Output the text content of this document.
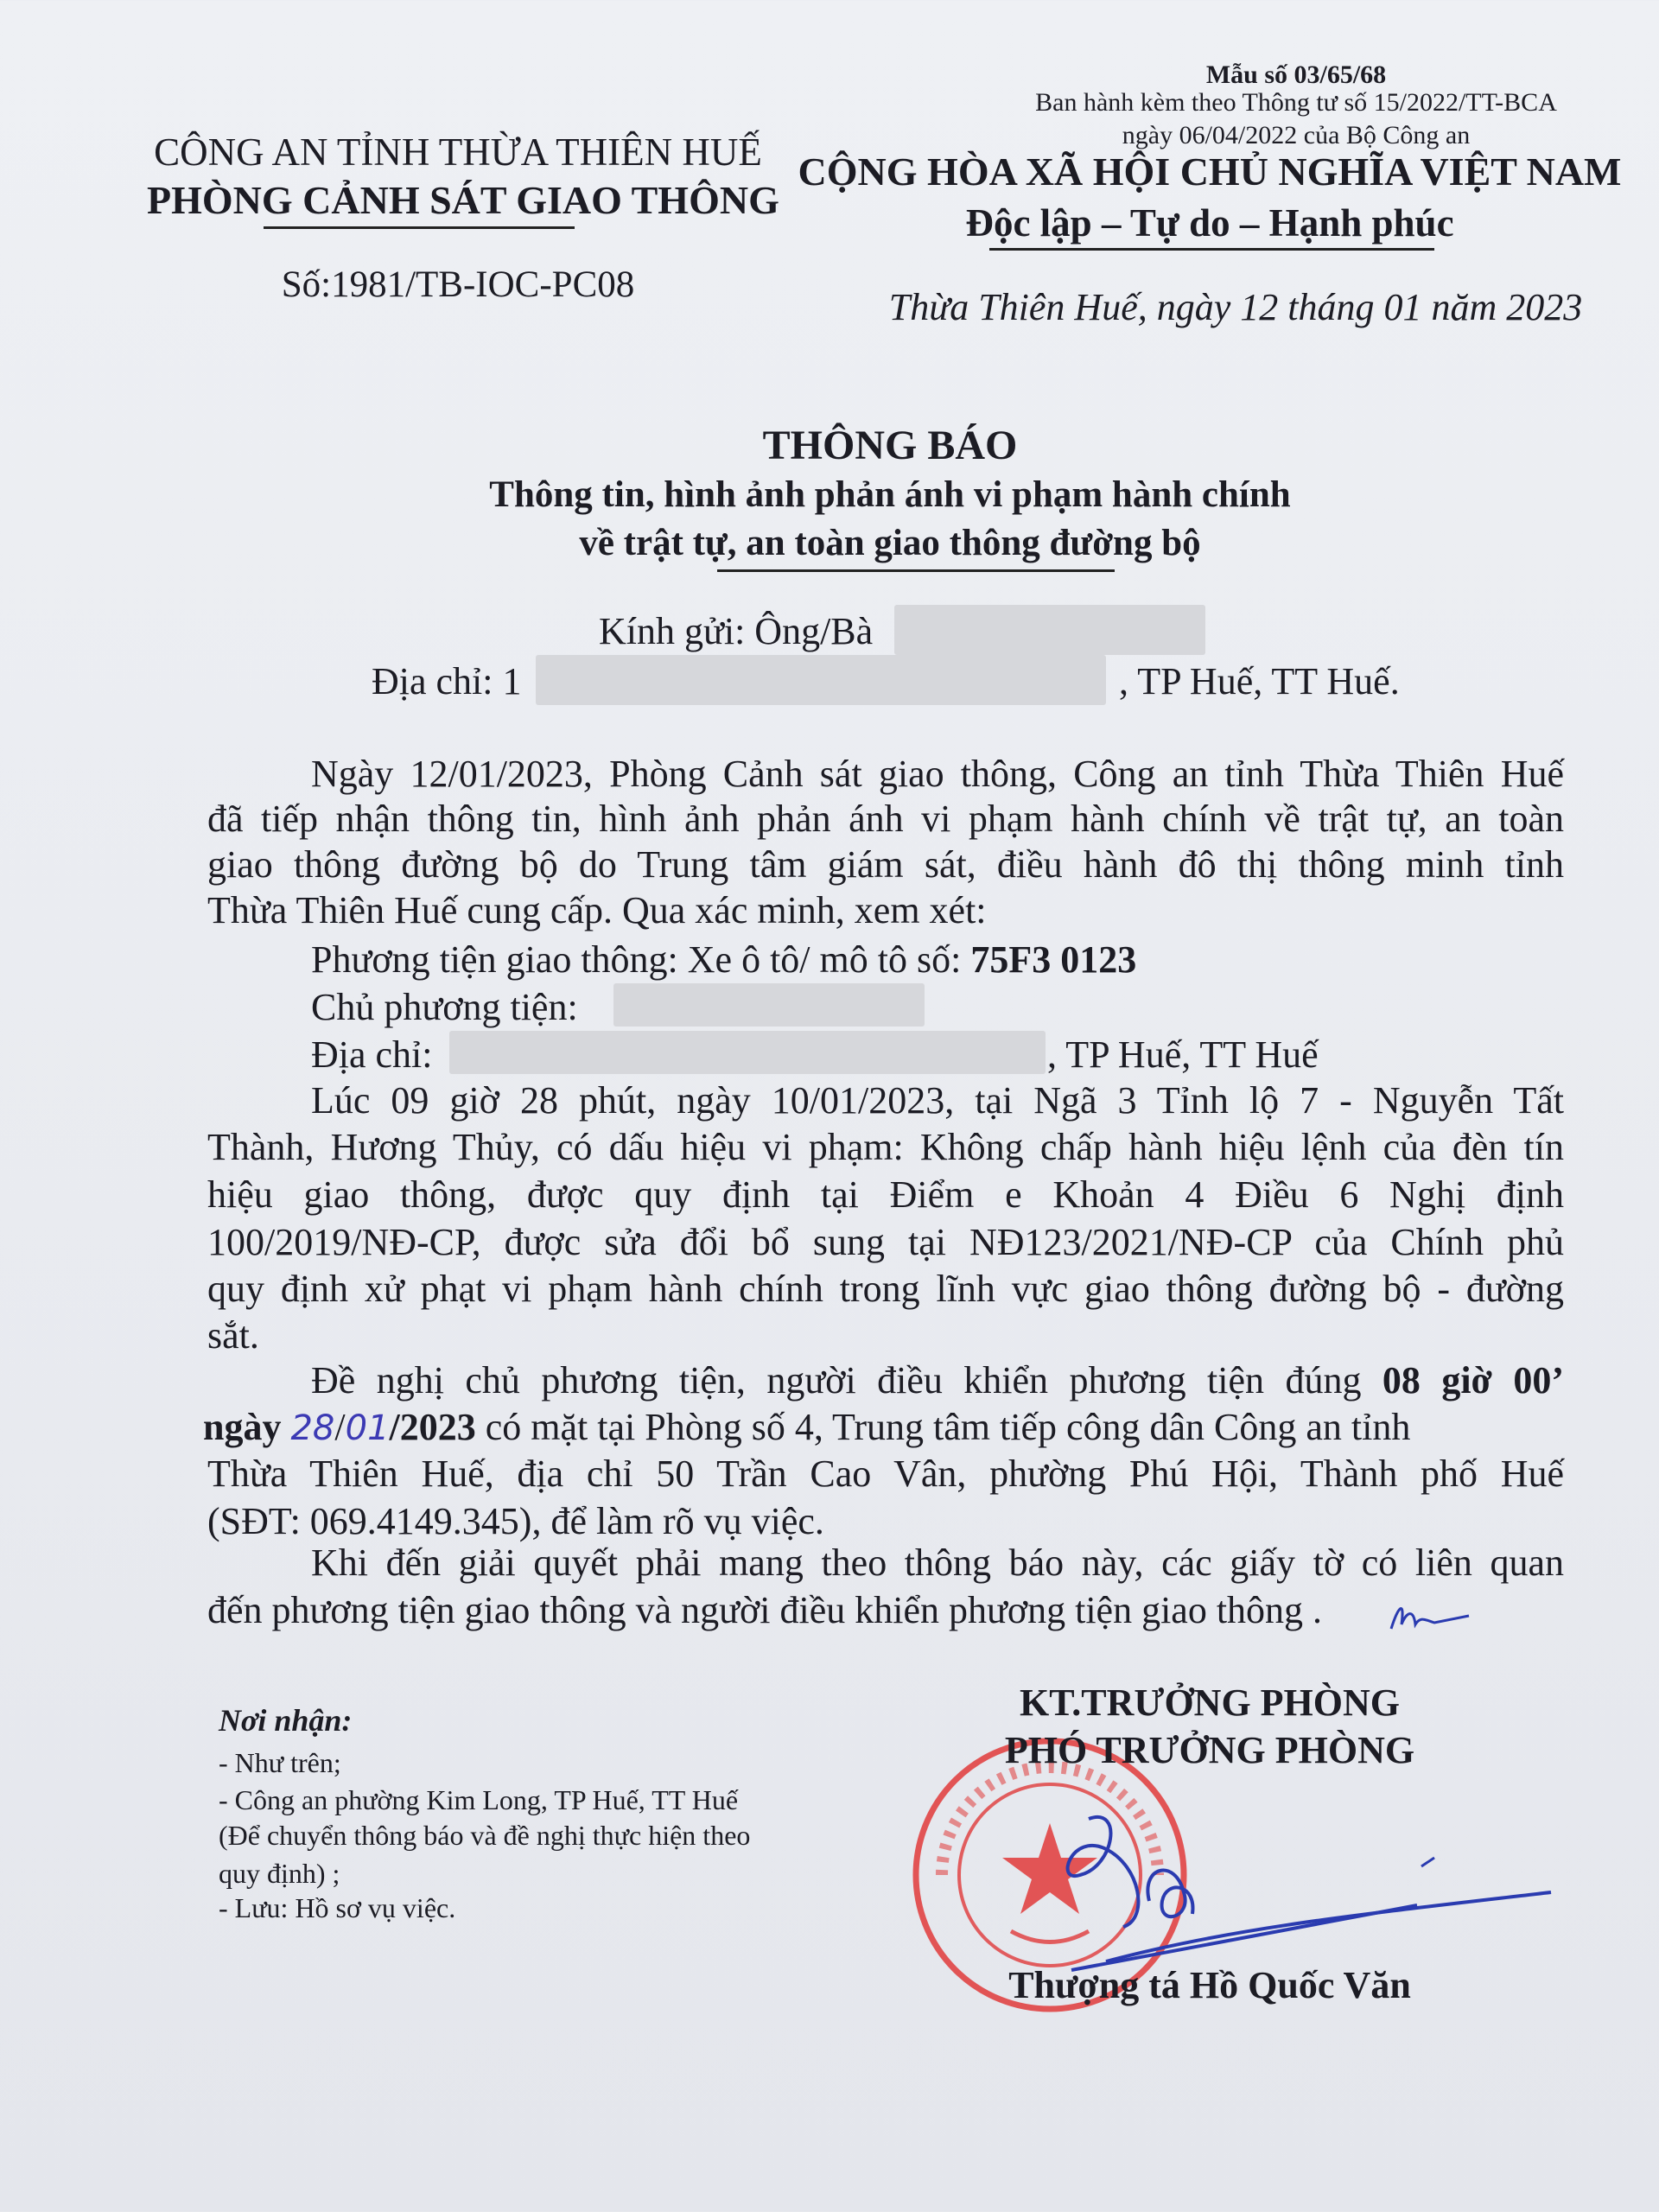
CÔNG AN TỈNH THỪA THIÊN HUẾ
PHÒNG CẢNH SÁT GIAO THÔNG
Số:1981/TB-IOC-PC08
Mẫu số 03/65/68
Ban hành kèm theo Thông tư số 15/2022/TT-BCA
ngày 06/04/2022 của Bộ Công an
CỘNG HÒA XÃ HỘI CHỦ NGHĨA VIỆT NAM
Độc lập – Tự do – Hạnh phúc
Thừa Thiên Huế, ngày 12 tháng 01 năm 2023
THÔNG BÁO
Thông tin, hình ảnh phản ánh vi phạm hành chính
về trật tự, an toàn giao thông đường bộ
Kính gửi: Ông/Bà
Địa chỉ: 1	, TP Huế, TT Huế.
Ngày 12/01/2023, Phòng Cảnh sát giao thông, Công an tỉnh Thừa Thiên Huế
đã tiếp nhận thông tin, hình ảnh phản ánh vi phạm hành chính về trật tự, an toàn
giao thông đường bộ do Trung tâm giám sát, điều hành đô thị thông minh tỉnh
Thừa Thiên Huế cung cấp. Qua xác minh, xem xét:
Phương tiện giao thông: Xe ô tô/ mô tô số: 75F3 0123
Chủ phương tiện:
Địa chỉ:	, TP Huế, TT Huế
Lúc 09 giờ 28 phút, ngày 10/01/2023, tại Ngã 3 Tỉnh lộ 7 - Nguyễn Tất
Thành, Hương Thủy, có dấu hiệu vi phạm: Không chấp hành hiệu lệnh của đèn tín
hiệu giao thông, được quy định tại Điểm e Khoản 4 Điều 6 Nghị định
100/2019/NĐ-CP, được sửa đổi bổ sung tại NĐ123/2021/NĐ-CP của Chính phủ
quy định xử phạt vi phạm hành chính trong lĩnh vực giao thông đường bộ - đường
sắt.
Đề nghị chủ phương tiện, người điều khiển phương tiện đúng 08 giờ 00’
ngày 28/01/2023 có mặt tại Phòng số 4, Trung tâm tiếp công dân Công an tỉnh
Thừa Thiên Huế, địa chỉ 50 Trần Cao Vân, phường Phú Hội, Thành phố Huế
(SĐT: 069.4149.345), để làm rõ vụ việc.
Khi đến giải quyết phải mang theo thông báo này, các giấy tờ có liên quan
đến phương tiện giao thông và người điều khiển phương tiện giao thông .
Nơi nhận:
- Như trên;
- Công an phường Kim Long, TP Huế, TT Huế
(Để chuyển thông báo và đề nghị thực hiện theo
quy định) ;
- Lưu: Hồ sơ vụ việc.
KT.TRƯỞNG PHÒNG
PHÓ TRƯỞNG PHÒNG
Thượng tá Hồ Quốc Văn
